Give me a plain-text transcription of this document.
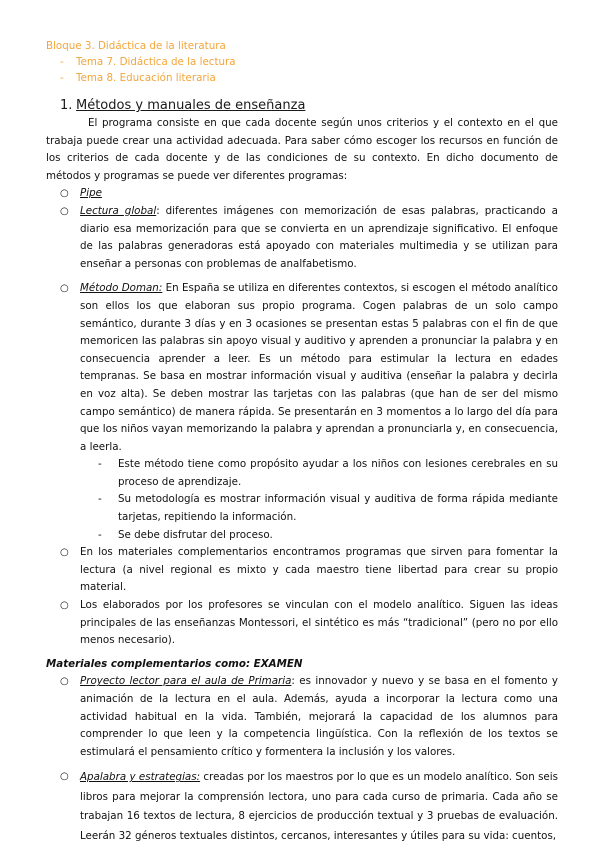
Bloque 3. Didáctica de la literatura
- Tema 7. Didáctica de la lectura
- Tema 8. Educación literaria
1. Métodos y manuales de enseñanza

El programa consiste en que cada docente según unos criterios y el contexto en el que trabaja puede crear una actividad adecuada. Para saber cómo escoger los recursos en función de los criterios de cada docente y de las condiciones de su contexto. En dicho documento de métodos y programas se puede ver diferentes programas:

○ Pipe

○ Lectura global: diferentes imágenes con memorización de esas palabras, practicando a diario esa memorización para que se convierta en un aprendizaje significativo. El enfoque de las palabras generadoras está apoyado con materiales multimedia y se utilizan para enseñar a personas con problemas de analfabetismo.

○ Método Doman: En España se utiliza en diferentes contextos, si escogen el método analítico son ellos los que elaboran sus propio programa. Cogen palabras de un solo campo semántico, durante 3 días y en 3 ocasiones se presentan estas 5 palabras con el fin de que memoricen las palabras sin apoyo visual y auditivo y aprenden a pronunciar la palabra y en consecuencia aprender a leer. Es un método para estimular la lectura en edades tempranas. Se basa en mostrar información visual y auditiva (enseñar la palabra y decirla en voz alta). Se deben mostrar las tarjetas con las palabras (que han de ser del mismo campo semántico) de manera rápida. Se presentarán en 3 momentos a lo largo del día para que los niños vayan memorizando la palabra y aprendan a pronunciarla y, en consecuencia, a leerla.

- Este método tiene como propósito ayudar a los niños con lesiones cerebrales en su proceso de aprendizaje.

- Su metodología es mostrar información visual y auditiva de forma rápida mediante tarjetas, repitiendo la información.

- Se debe disfrutar del proceso.

○ En los materiales complementarios encontramos programas que sirven para fomentar la lectura (a nivel regional es mixto y cada maestro tiene libertad para crear su propio material.

○ Los elaborados por los profesores se vinculan con el modelo analítico. Siguen las ideas principales de las enseñanzas Montessori, el sintético es más “tradicional” (pero no por ello menos necesario).

Materiales complementarios como: EXAMEN
○ Proyecto lector para el aula de Primaria: es innovador y nuevo y se basa en el fomento y animación de la lectura en el aula. Además, ayuda a incorporar la lectura como una actividad habitual en la vida. También, mejorará la capacidad de los alumnos para comprender lo que leen y la competencia lingüística. Con la reflexión de los textos se estimulará el pensamiento crítico y formentera la inclusión y los valores.

○ Apalabra y estrategias: creadas por los maestros por lo que es un modelo analítico. Son seis libros para mejorar la comprensión lectora, uno para cada curso de primaria. Cada año se trabajan 16 textos de lectura, 8 ejercicios de producción textual y 3 pruebas de evaluación. Leerán 32 géneros textuales distintos, cercanos, interesantes y útiles para su vida: cuentos,
